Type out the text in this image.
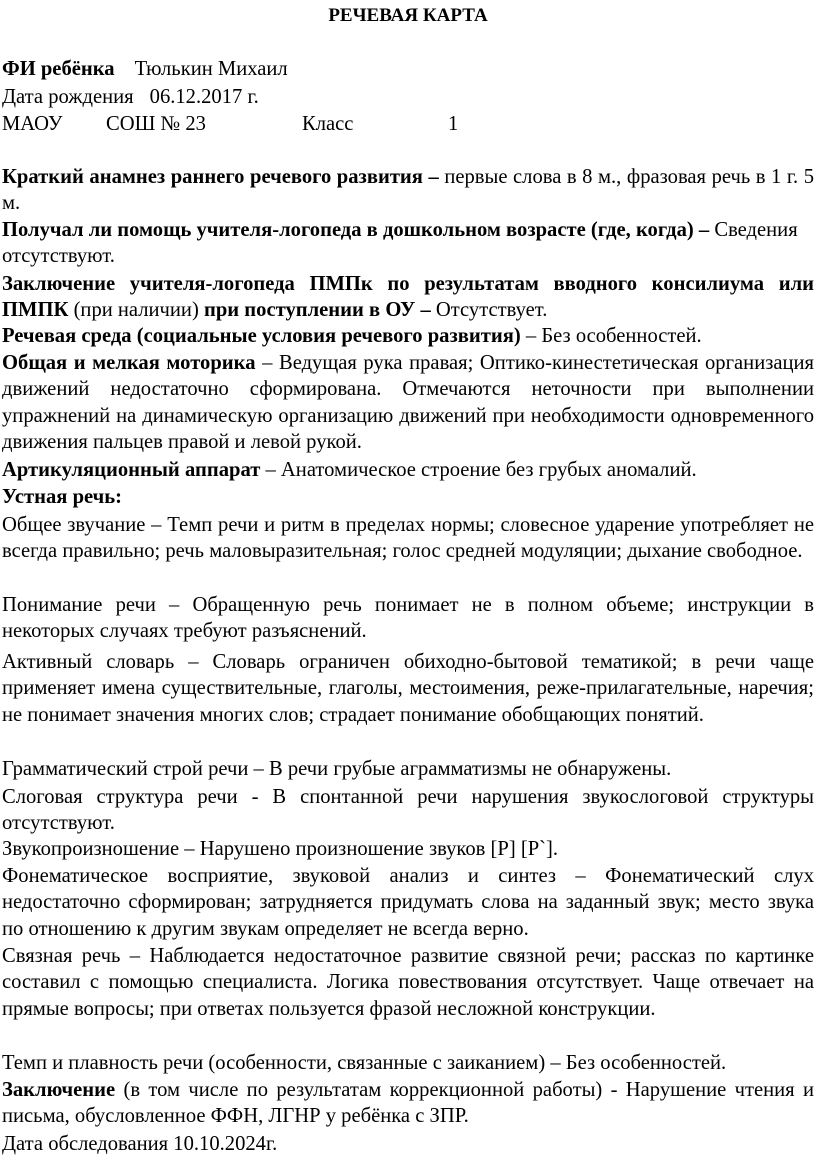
РЕЧЕВАЯ КАРТА
ФИ ребёнка Тюлькин Михаил
Дата рождения 06.12.2017 г.
МАОУ СОШ № 23	Класс	1
Краткий анамнез раннего речевого развития – первые слова в 8 м., фразовая речь в 1 г. 5 м.
Получал ли помощь учителя-логопеда в дошкольном возрасте (где, когда) – Сведения отсутствуют.
Заключение учителя-логопеда ПМПк по результатам вводного консилиума или ПМПК (при наличии) при поступлении в ОУ – Отсутствует.
Речевая среда (социальные условия речевого развития) – Без особенностей.
Общая и мелкая моторика – Ведущая рука правая; Оптико-кинестетическая организация движений недостаточно сформирована. Отмечаются неточности при выполнении упражнений на динамическую организацию движений при необходимости одновременного движения пальцев правой и левой рукой.
Артикуляционный аппарат – Анатомическое строение без грубых аномалий.
Устная речь:
Общее звучание – Темп речи и ритм в пределах нормы; словесное ударение употребляет не всегда правильно; речь маловыразительная; голос средней модуляции; дыхание свободное.
Понимание речи – Обращенную речь понимает не в полном объеме; инструкции в некоторых случаях требуют разъяснений.
Активный словарь – Словарь ограничен обиходно-бытовой тематикой; в речи чаще применяет имена существительные, глаголы, местоимения, реже-прилагательные, наречия; не понимает значения многих слов; страдает понимание обобщающих понятий.
Грамматический строй речи – В речи грубые аграмматизмы не обнаружены.
Слоговая структура речи - В спонтанной речи нарушения звукослоговой структуры отсутствуют.
Звукопроизношение – Нарушено произношение звуков [Р] [Р`].
Фонематическое восприятие, звуковой анализ и синтез – Фонематический слух недостаточно сформирован; затрудняется придумать слова на заданный звук; место звука по отношению к другим звукам определяет не всегда верно.
Связная речь – Наблюдается недостаточное развитие связной речи; рассказ по картинке составил с помощью специалиста. Логика повествования отсутствует. Чаще отвечает на прямые вопросы; при ответах пользуется фразой несложной конструкции.
Темп и плавность речи (особенности, связанные с заиканием) – Без особенностей.
Заключение (в том числе по результатам коррекционной работы) - Нарушение чтения и письма, обусловленное ФФН, ЛГНР у ребёнка с ЗПР.
Дата обследования 10.10.2024г.
